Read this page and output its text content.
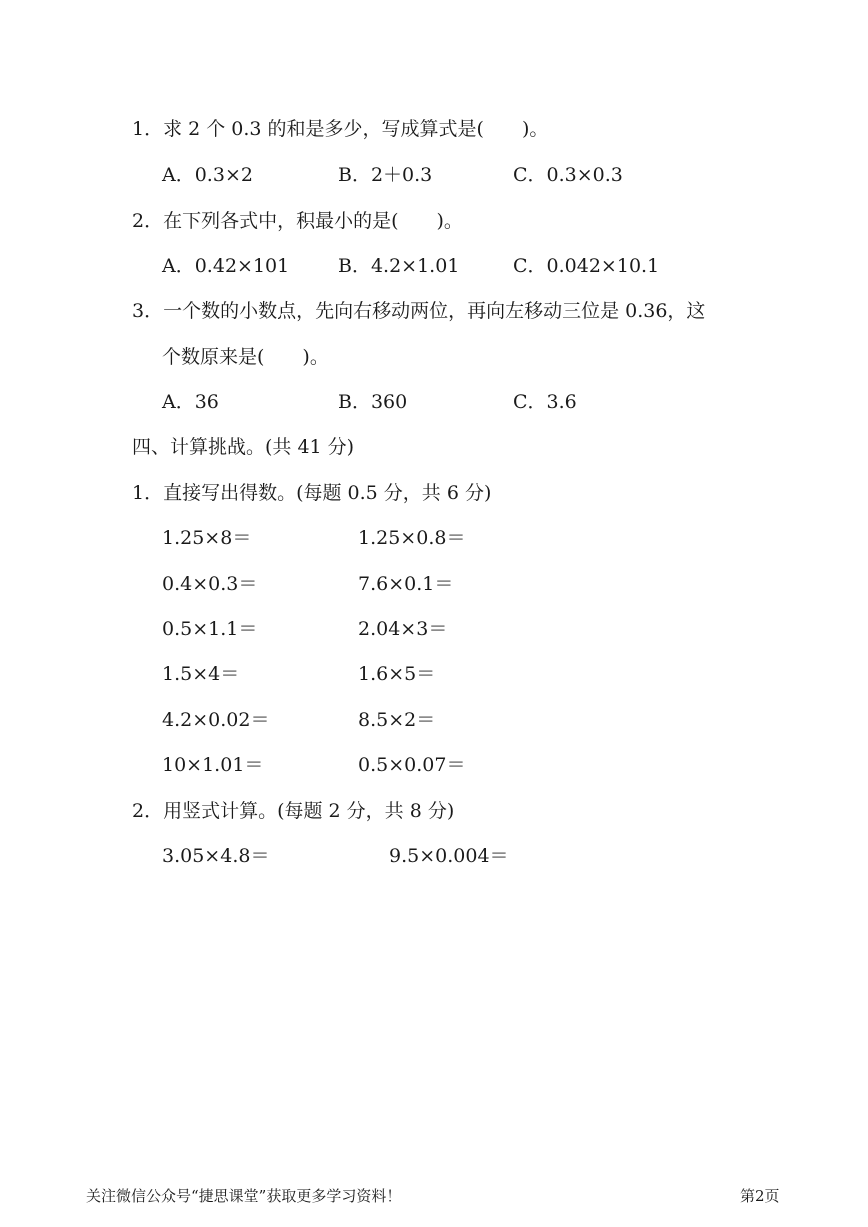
1．求 2 个 0.3 的和是多少，写成算式是(　　)。
A．0.3×2	B．2＋0.3	C．0.3×0.3
2．在下列各式中，积最小的是(　　)。
A．0.42×101	B．4.2×1.01	C．0.042×10.1
3．一个数的小数点，先向右移动两位，再向左移动三位是 0.36，这
个数原来是(　　)。
A．36	B．360	C．3.6
四、计算挑战。(共 41 分)
1．直接写出得数。(每题 0.5 分，共 6 分)
1.25×8＝	1.25×0.8＝
0.4×0.3＝	7.6×0.1＝
0.5×1.1＝	2.04×3＝
1.5×4＝	1.6×5＝
4.2×0.02＝	8.5×2＝
10×1.01＝	0.5×0.07＝
2．用竖式计算。(每题 2 分，共 8 分)
3.05×4.8＝	9.5×0.004＝
关注微信公众号“捷思课堂”获取更多学习资料！	第2页
